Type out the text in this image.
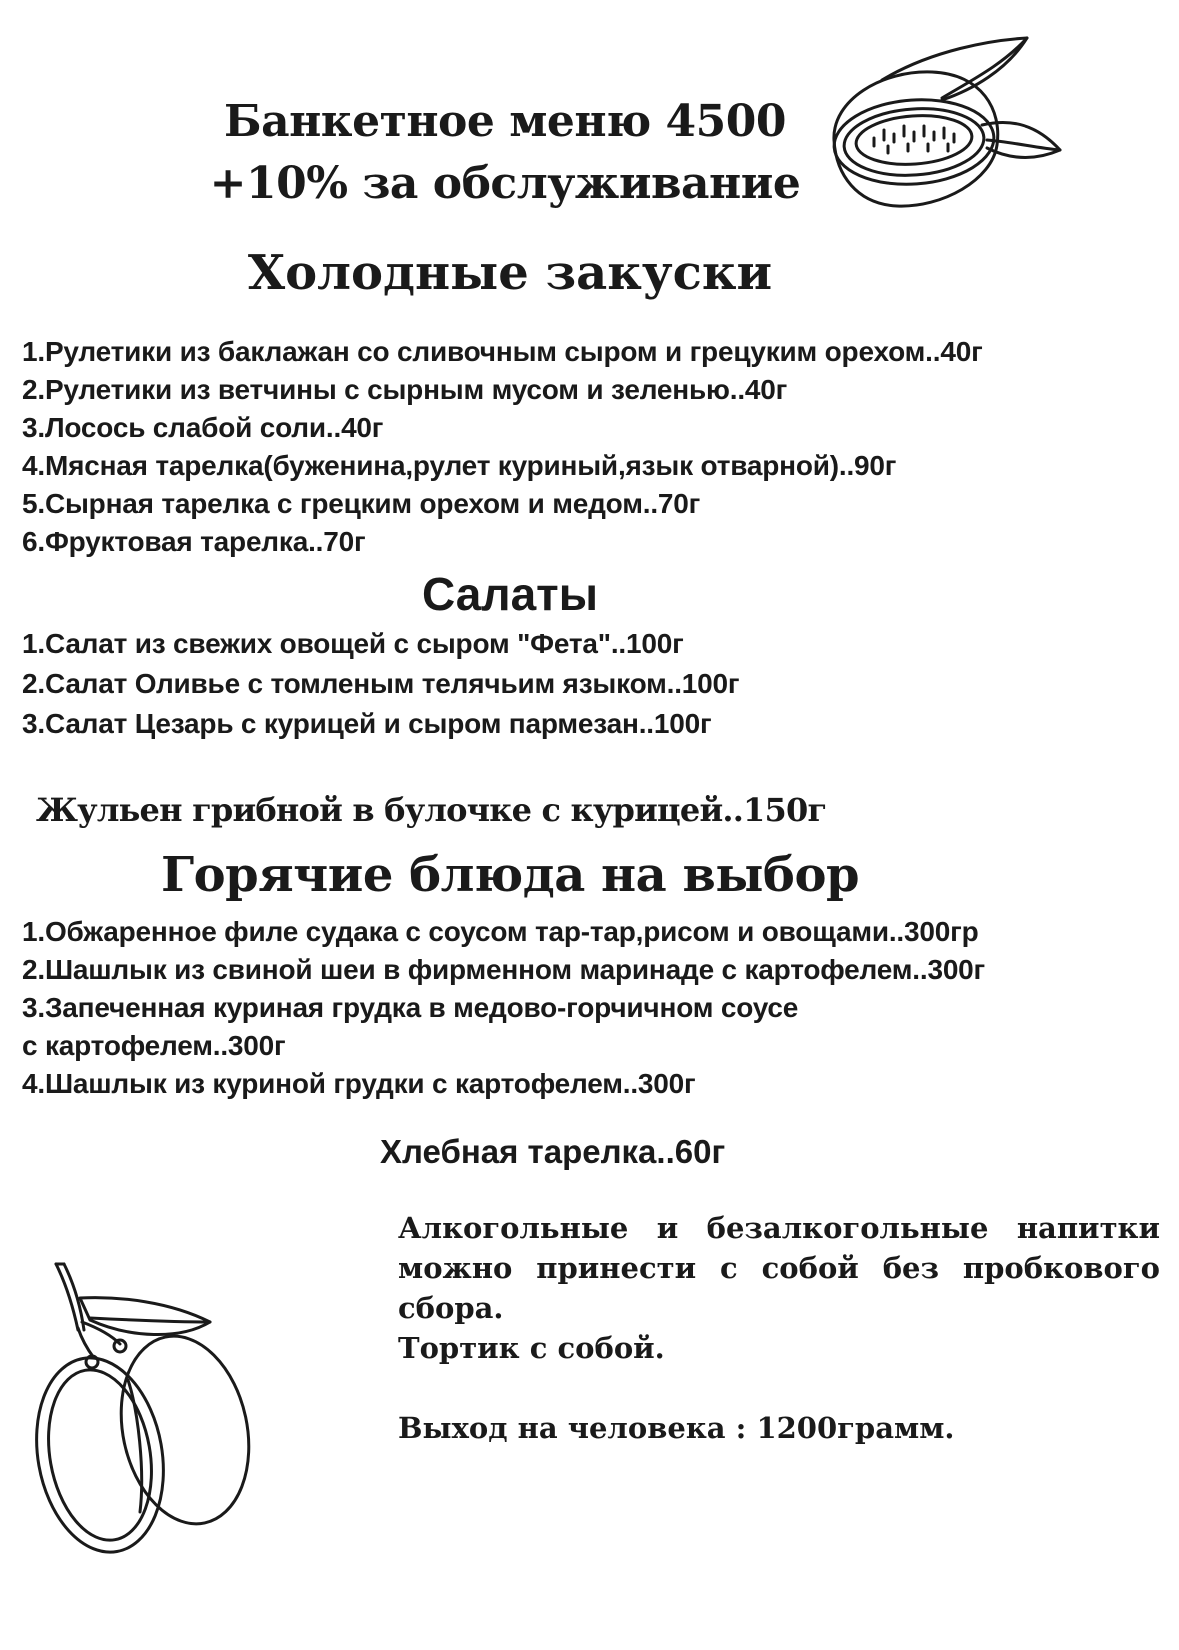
Банкетное меню 4500
+10% за обслуживание
Холодные закуски
1.Рулетики из баклажан со сливочным сыром и грецуким орехом..40г
2.Рулетики из ветчины с сырным мусом и зеленью..40г
3.Лосось слабой соли..40г
4.Мясная тарелка(буженина,рулет куриный,язык отварной)..90г
5.Сырная тарелка с грецким орехом и медом..70г
6.Фруктовая тарелка..70г
Салаты
1.Салат из свежих овощей с сыром "Фета"..100г
2.Салат Оливье с томленым телячьим языком..100г
3.Салат Цезарь с курицей и сыром пармезан..100г
Жульен грибной в булочке с курицей..150г
Горячие блюда на выбор
1.Обжаренное филе судака с соусом тар-тар,рисом и овощами..300гр
2.Шашлык из свиной шеи в фирменном маринаде с картофелем..300г
3.Запеченная куриная грудка в медово-горчичном соусе
с картофелем..300г
4.Шашлык из куриной грудки с картофелем..300г
Хлебная тарелка..60г
Алкогольные и безалкогольные напитки можно принести с собой без пробкового сбора.
Тортик с собой.
Выход на человека : 1200грамм.
